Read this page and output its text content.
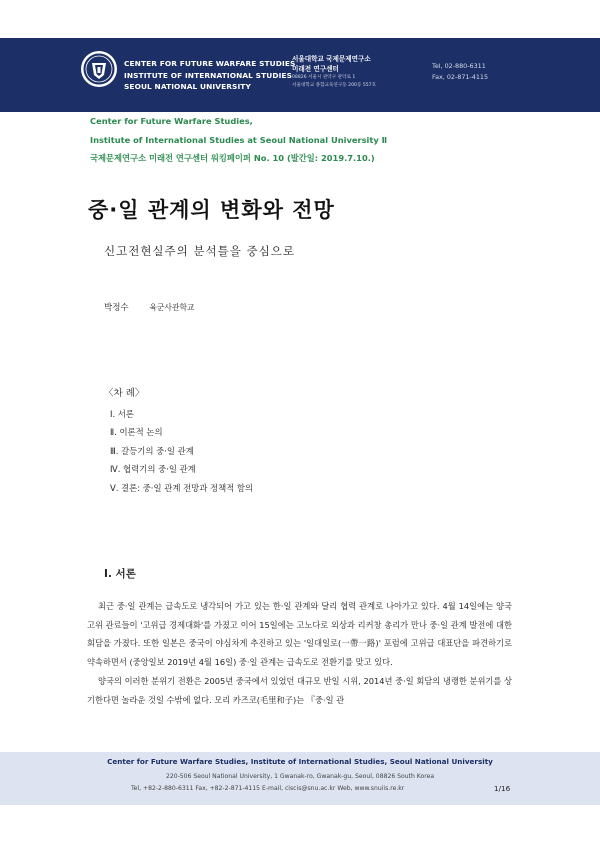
CENTER FOR FUTURE WARFARE STUDIES
INSTITUTE OF INTERNATIONAL STUDIES
SEOUL NATIONAL UNIVERSITY
서울대학교 국제문제연구소
미래전 연구센터
08826 서울시 관악구 관악로 1
서울대학교 종합교육연구동 200동 557호
Tel, 02-880-6311
Fax, 02-871-4115
Center for Future Warfare Studies,
Institute of International Studies at Seoul National University Ⅱ
국제문제연구소 미래전 연구센터 워킹페이퍼 No. 10 (발간일: 2019.7.10.)
중·일 관계의 변화와 전망
신고전현실주의 분석틀을 중심으로
박정수	육군사관학교
〈차 례〉
Ⅰ. 서론
Ⅱ. 이론적 논의
Ⅲ. 갈등기의 중·일 관계
Ⅳ. 협력기의 중·일 관계
Ⅴ. 결론: 중·일 관계 전망과 정책적 함의
Ⅰ. 서론

최근 중·일 관계는 급속도로 냉각되어 가고 있는 한·일 관계와 달리 협력 관계로 나아가고 있다. 4월 14일에는 양국 고위 관료들이 '고위급 경제대화'를 가졌고 이어 15일에는 고노다로 외상과 리커창 총리가 만나 중·일 관계 발전에 대한 회담을 가졌다. 또한 일본은 중국이 야심차게 추진하고 있는 '일대일로(一帶一路)' 포럼에 고위급 대표단을 파견하기로 약속하면서 (중앙일보 2019년 4월 16일) 중·일 관계는 급속도로 전환기를 맞고 있다.

양국의 이러한 분위기 전환은 2005년 중국에서 있었던 대규모 반일 시위, 2014년 중·일 회담의 냉랭한 분위기를 상기한다면 놀라운 것일 수밖에 없다. 모리 카즈코(毛里和子)는 『중·일 관

Center for Future Warfare Studies, Institute of International Studies, Seoul National University
220-506 Seoul National University, 1 Gwanak-ro, Gwanak-gu, Seoul, 08826 South Korea
Tel, +82-2-880-6311 Fax, +82-2-871-4115 E-mail, ciscis@snu.ac.kr Web, www.snuiis.re.kr	1/16
